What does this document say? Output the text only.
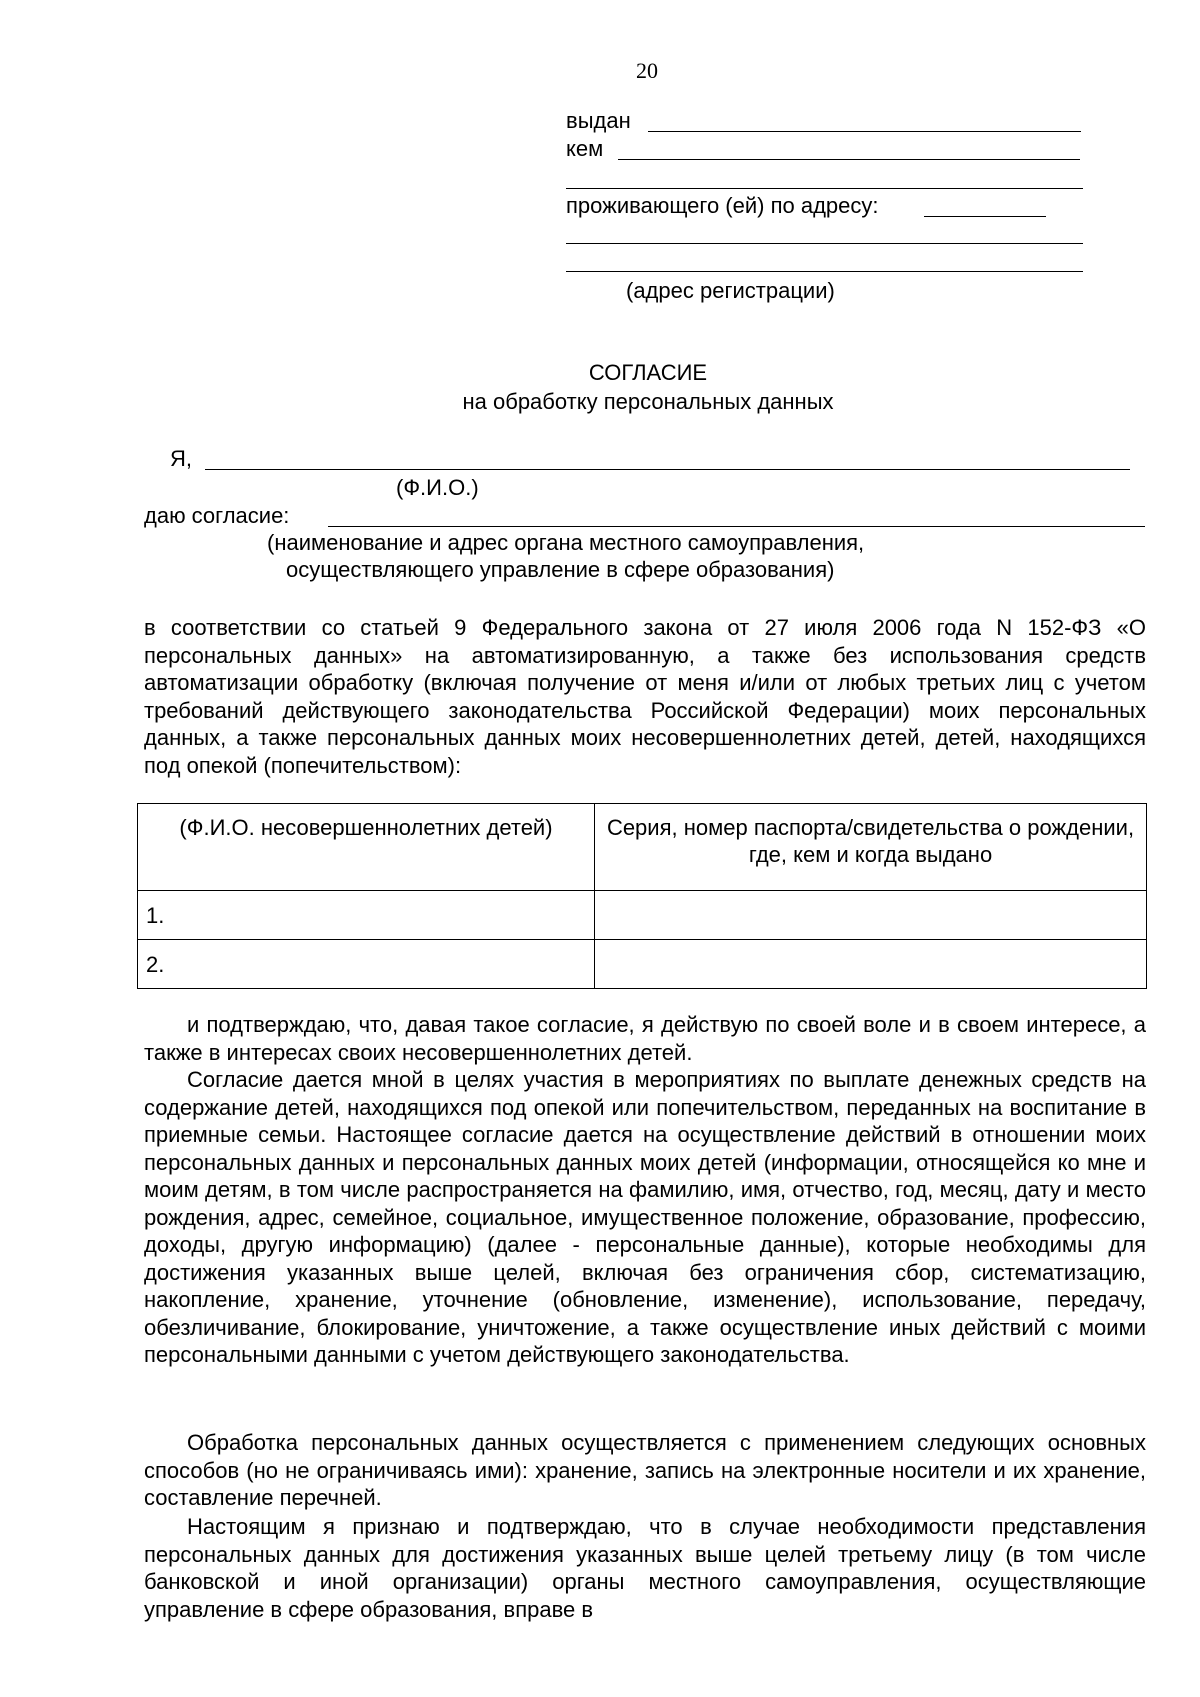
20
выдан
кем
проживающего (ей) по адресу:
(адрес регистрации)
СОГЛАСИЕ
на обработку персональных данных
Я,
(Ф.И.О.)
даю согласие:
(наименование и адрес органа местного самоуправления,
осуществляющего управление в сфере образования)
в соответствии со статьей 9 Федерального закона от 27 июля 2006 года N 152-ФЗ «О персональных данных» на автоматизированную, а также без использования средств автоматизации обработку (включая получение от меня и/или от любых третьих лиц с учетом требований действующего законодательства Российской Федерации) моих персональных данных, а также персональных данных моих несовершеннолетних детей, детей, находящихся под опекой (попечительством):
(Ф.И.О. несовершеннолетних детей)	Серия, номер паспорта/свидетельства о рождении, где, кем и когда выдано
1.	
2.	
и подтверждаю, что, давая такое согласие, я действую по своей воле и в своем интересе, а также в интересах своих несовершеннолетних детей.
Согласие дается мной в целях участия в мероприятиях по выплате денежных средств на содержание детей, находящихся под опекой или попечительством, переданных на воспитание в приемные семьи. Настоящее согласие дается на осуществление действий в отношении моих персональных данных и персональных данных моих детей (информации, относящейся ко мне и моим детям, в том числе распространяется на фамилию, имя, отчество, год, месяц, дату и место рождения, адрес, семейное, социальное, имущественное положение, образование, профессию, доходы, другую информацию) (далее - персональные данные), которые необходимы для достижения указанных выше целей, включая без ограничения сбор, систематизацию, накопление, хранение, уточнение (обновление, изменение), использование, передачу, обезличивание, блокирование, уничтожение, а также осуществление иных действий с моими персональными данными с учетом действующего законодательства.
Обработка персональных данных осуществляется с применением следующих основных способов (но не ограничиваясь ими): хранение, запись на электронные носители и их хранение, составление перечней.
Настоящим я признаю и подтверждаю, что в случае необходимости представления персональных данных для достижения указанных выше целей третьему лицу (в том числе банковской и иной организации) органы местного самоуправления, осуществляющие управление в сфере образования, вправе в
